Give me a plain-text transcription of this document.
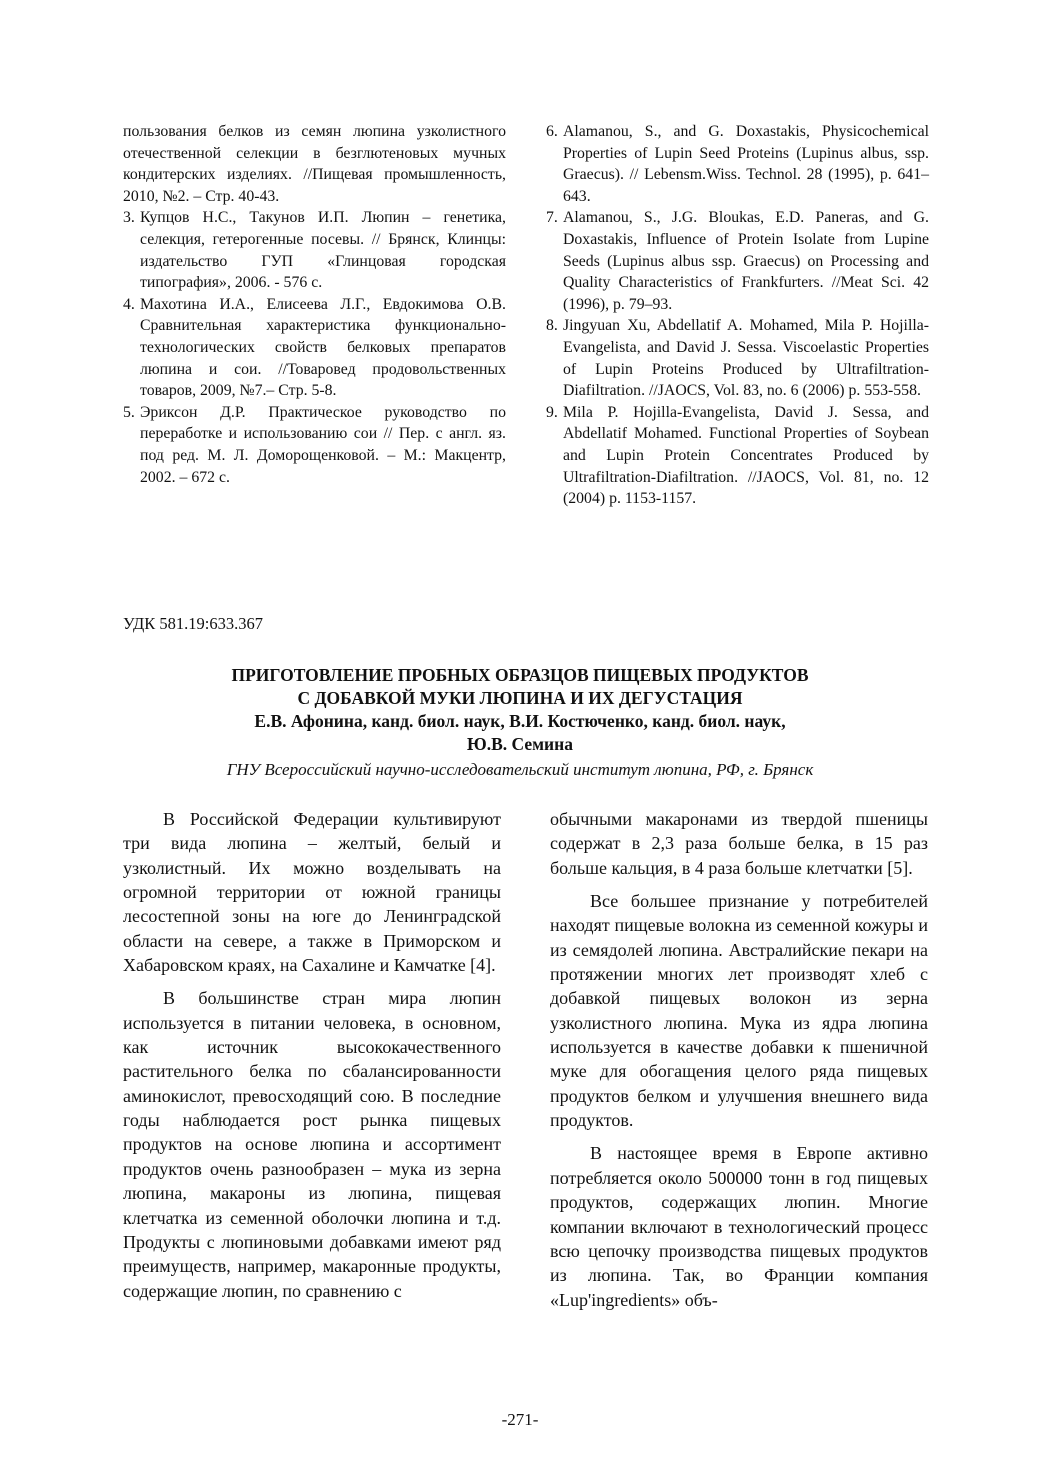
пользования белков из семян люпина узколистного отечественной селекции в безглютеновых мучных кондитерских изделиях. //Пищевая промышленность, 2010, №2. – Стр. 40-43.
3. Купцов Н.С., Такунов И.П. Люпин – генетика, селекция, гетерогенные посевы. // Брянск, Клинцы: издательство ГУП «Глинцовая городская типография», 2006. - 576 с.
4. Махотина И.А., Елисеева Л.Г., Евдокимова О.В. Сравнительная характеристика функционально-технологических свойств белковых препаратов люпина и сои. //Товаровед продовольственных товаров, 2009, №7.– Стр. 5-8.
5. Эриксон Д.Р. Практическое руководство по переработке и использованию сои // Пер. с англ. яз. под ред. М. Л. Доморощенковой. – М.: Макцентр, 2002. – 672 с.
6. Alamanou, S., and G. Doxastakis, Physicochemical Properties of Lupin Seed Proteins (Lupinus albus, ssp. Graecus). // Lebensm.Wiss. Technol. 28 (1995), p. 641–643.
7. Alamanou, S., J.G. Bloukas, E.D. Paneras, and G. Doxastakis, Influence of Protein Isolate from Lupine Seeds (Lupinus albus ssp. Graecus) on Processing and Quality Characteristics of Frankfurters. //Meat Sci. 42 (1996), p. 79–93.
8. Jingyuan Xu, Abdellatif A. Mohamed, Mila P. Hojilla-Evangelista, and David J. Sessa. Viscoelastic Properties of Lupin Proteins Produced by Ultrafiltration-Diafiltration. //JAOCS, Vol. 83, no. 6 (2006) p. 553-558.
9. Mila P. Hojilla-Evangelista, David J. Sessa, and Abdellatif Mohamed. Functional Properties of Soybean and Lupin Protein Concentrates Produced by Ultrafiltration-Diafiltration. //JAOCS, Vol. 81, no. 12 (2004) p. 1153-1157.
УДК 581.19:633.367
ПРИГОТОВЛЕНИЕ ПРОБНЫХ ОБРАЗЦОВ ПИЩЕВЫХ ПРОДУКТОВ
С ДОБАВКОЙ МУКИ ЛЮПИНА И ИХ ДЕГУСТАЦИЯ
Е.В. Афонина, канд. биол. наук, В.И. Костюченко, канд. биол. наук,
Ю.В. Семина
ГНУ Всероссийский научно-исследовательский институт люпина, РФ, г. Брянск

В Российской Федерации культивируют три вида люпина – желтый, белый и узколистный. Их можно возделывать на огромной территории от южной границы лесостепной зоны на юге до Ленинградской области на севере, а также в Приморском и Хабаровском краях, на Сахалине и Камчатке [4].

В большинстве стран мира люпин используется в питании человека, в основном, как источник высококачественного растительного белка по сбалансированности аминокислот, превосходящий сою. В последние годы наблюдается рост рынка пищевых продуктов на основе люпина и ассортимент продуктов очень разнообразен – мука из зерна люпина, макароны из люпина, пищевая клетчатка из семенной оболочки люпина и т.д. Продукты с люпиновыми добавками имеют ряд преимуществ, например, макаронные продукты, содержащие люпин, по сравнению с

обычными макаронами из твердой пшеницы содержат в 2,3 раза больше белка, в 15 раз больше кальция, в 4 раза больше клетчатки [5].

Все большее признание у потребителей находят пищевые волокна из семенной кожуры и из семядолей люпина. Австралийские пекари на протяжении многих лет производят хлеб с добавкой пищевых волокон из зерна узколистного люпина. Мука из ядра люпина используется в качестве добавки к пшеничной муке для обогащения целого ряда пищевых продуктов белком и улучшения внешнего вида продуктов.

В настоящее время в Европе активно потребляется около 500000 тонн в год пищевых продуктов, содержащих люпин. Многие компании включают в технологический процесс всю цепочку производства пищевых продуктов из люпина. Так, во Франции компания «Lup'ingredients» объ-

-271-
